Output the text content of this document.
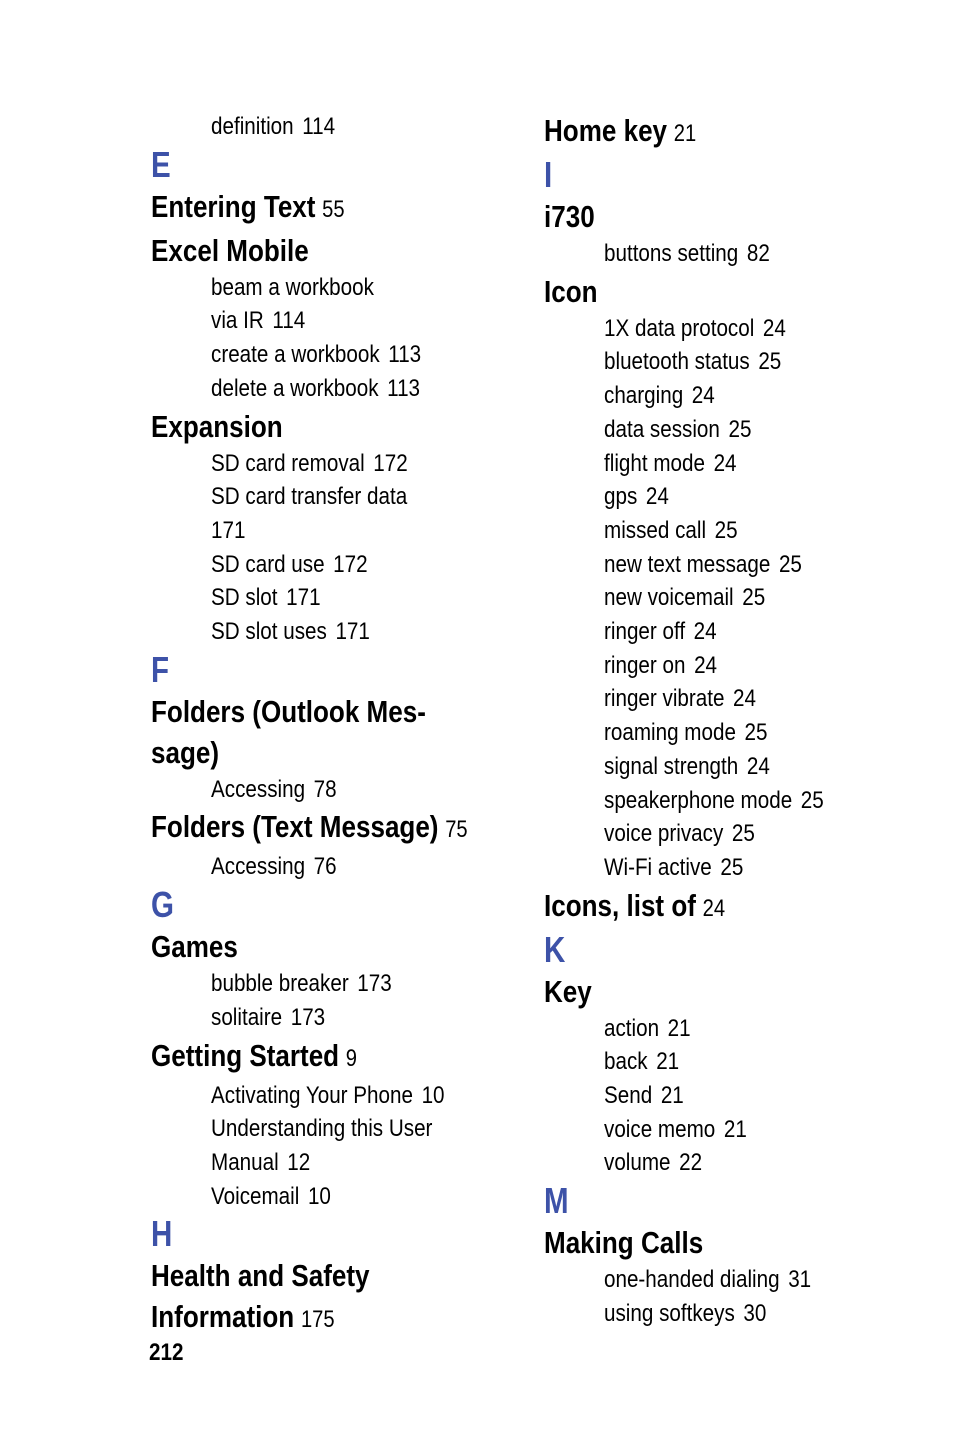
definition 114
E
Entering Text 55
Excel Mobile
beam a workbook
via IR 114
create a workbook 113
delete a workbook 113
Expansion
SD card removal 172
SD card transfer data
171
SD card use 172
SD slot 171
SD slot uses 171
F
Folders (Outlook Mes-
sage)
Accessing 78
Folders (Text Message) 75
Accessing 76
G
Games
bubble breaker 173
solitaire 173
Getting Started 9
Activating Your Phone 10
Understanding this User
Manual 12
Voicemail 10
H
Health and Safety
Information 175
Home key 21
I
i730
buttons setting 82
Icon
1X data protocol 24
bluetooth status 25
charging 24
data session 25
flight mode 24
gps 24
missed call 25
new text message 25
new voicemail 25
ringer off 24
ringer on 24
ringer vibrate 24
roaming mode 25
signal strength 24
speakerphone mode 25
voice privacy 25
Wi-Fi active 25
Icons, list of 24
K
Key
action 21
back 21
Send 21
voice memo 21
volume 22
M
Making Calls
one-handed dialing 31
using softkeys 30
212
